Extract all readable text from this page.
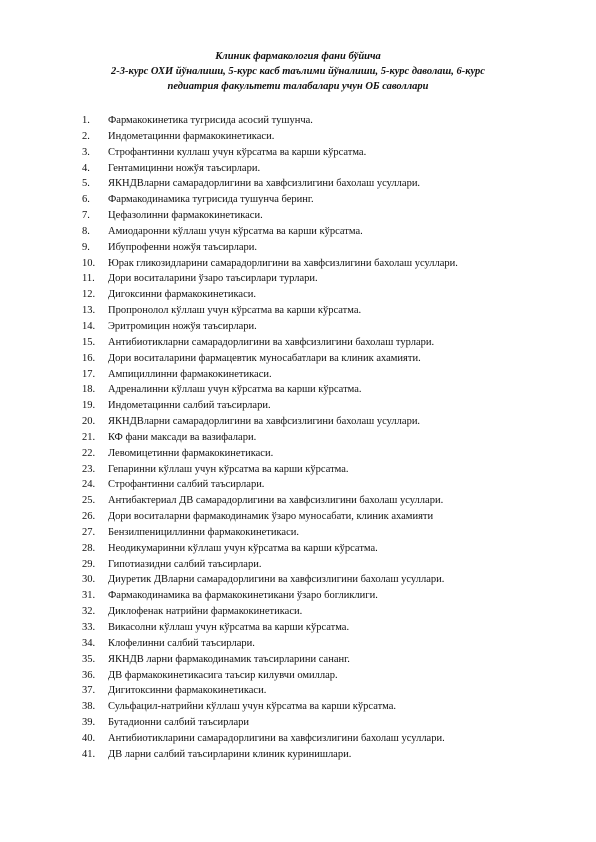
Клиник фармакология фани бўйича
2-3-курс ОХИ йўналиши, 5-курс касб таълими йўналиши, 5-курс даволаш, 6-курс
педиатрия факультети талабалари учун ОБ саволлари
1.	Фармакокинетика тугрисида асосий тушунча.
2.	Индометацинни фармакокинетикаси.
3.	Строфантинни куллаш учун кўрсатма ва карши кўрсатма.
4.	Гентамицинни ножўя таъсирлари.
5.	ЯКНДВларни самарадорлигини ва хавфсизлигини бахолаш усуллари.
6.	Фармакодинамика тугрисида тушунча беринг.
7.	Цефазолинни фармакокинетикаси.
8.	Амиодаронни кўллаш учун кўрсатма ва карши кўрсатма.
9.	Ибупрофенни ножўя таъсирлари.
10.	Юрак гликозидларини самарадорлигини ва хавфсизлигини бахолаш усуллари.
11.	Дори воситаларини ўзаро таъсирлари турлари.
12.	Дигоксинни фармакокинетикаси.
13.	Пропронолол кўллаш учун кўрсатма ва карши кўрсатма.
14.	Эритромицин ножўя таъсирлари.
15.	Антибиотикларни самарадорлигини ва хавфсизлигини бахолаш турлари.
16.	Дори воситаларини фармацевтик муносабатлари ва клиник ахамияти.
17.	Ампициллинни фармакокинетикаси.
18.	Адреналинни кўллаш учун кўрсатма ва карши кўрсатма.
19.	Индометацинни салбий таъсирлари.
20.	ЯКНДВларни самарадорлигини ва хавфсизлигини бахолаш усуллари.
21.	КФ фани максади ва вазифалари.
22.	Левомицетинни фармакокинетикаси.
23.	Гепаринни кўллаш учун кўрсатма ва карши кўрсатма.
24.	Строфантинни салбий таъсирлари.
25.	Антибактериал ДВ самарадорлигини ва хавфсизлигини бахолаш усуллари.
26.	Дори воситаларни фармакодинамик ўзаро муносабати, клиник ахамияти
27.	Бензилпенициллинни фармакокинетикаси.
28.	Неодикумаринни кўллаш учун кўрсатма ва карши кўрсатма.
29.	Гипотиазидни салбий таъсирлари.
30.	Диуретик ДВларни самарадорлигини ва хавфсизлигини бахолаш усуллари.
31.	Фармакодинамика ва фармакокинетикани ўзаро богликлиги.
32.	Диклофенак натрийни фармакокинетикаси.
33.	Викасолни кўллаш учун кўрсатма ва карши кўрсатма.
34.	Клофелинни салбий таъсирлари.
35.	ЯКНДВ ларни фармакодинамик таъсирларини сананг.
36.	ДВ фармакокинетикасига таъсир килувчи омиллар.
37.	Дигитоксинни фармакокинетикаси.
38.	Сульфацил-натрийни кўллаш учун кўрсатма ва карши кўрсатма.
39.	Бутадионни салбий таъсирлари
40.	Антибиотикларини самарадорлигини ва хавфсизлигини бахолаш усуллари.
41.	ДВ ларни салбий таъсирларини клиник куринишлари.
